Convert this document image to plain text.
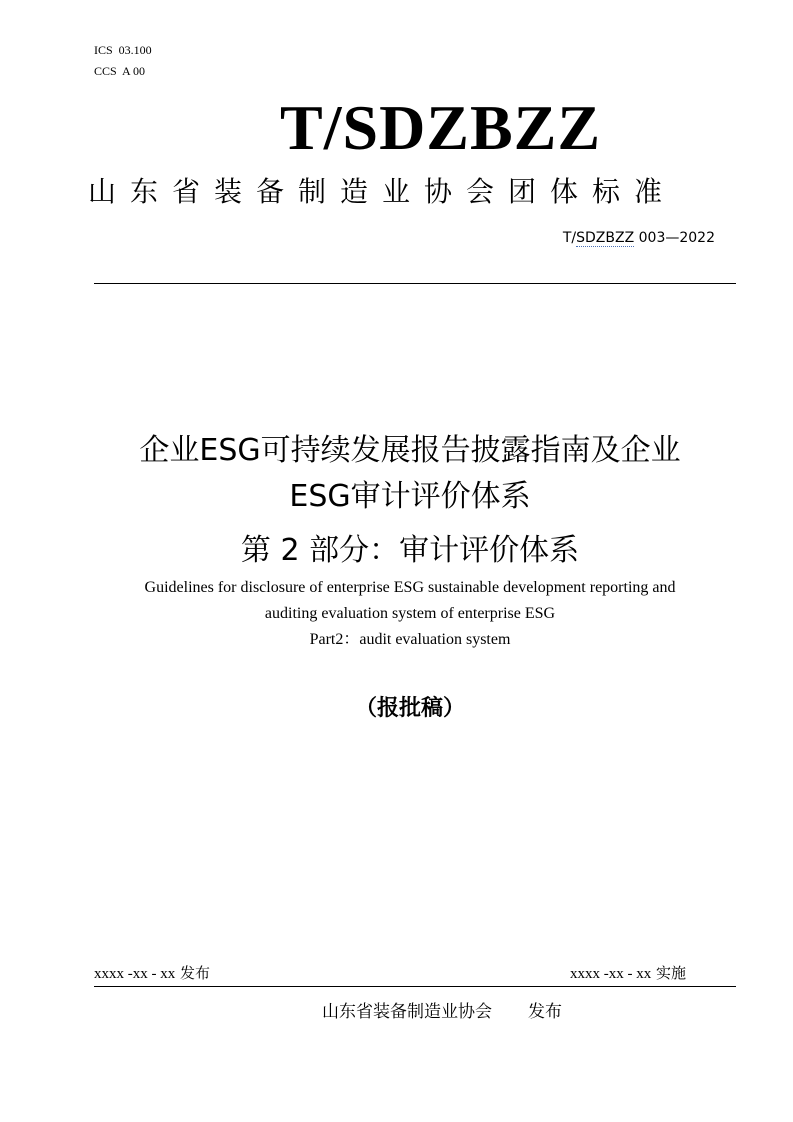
ICS  03.100
CCS  A 00
T/SDZBZZ
山东省装备制造业协会团体标准
T/SDZBZZ 003—2022
企业ESG可持续发展报告披露指南及企业
ESG审计评价体系
第 2 部分：审计评价体系
Guidelines for disclosure of enterprise ESG sustainable development reporting and
auditing evaluation system of enterprise ESG
Part2：audit evaluation system
（报批稿）
xxxx -xx - xx 发布	xxxx -xx - xx 实施
山东省装备制造业协会 发布
